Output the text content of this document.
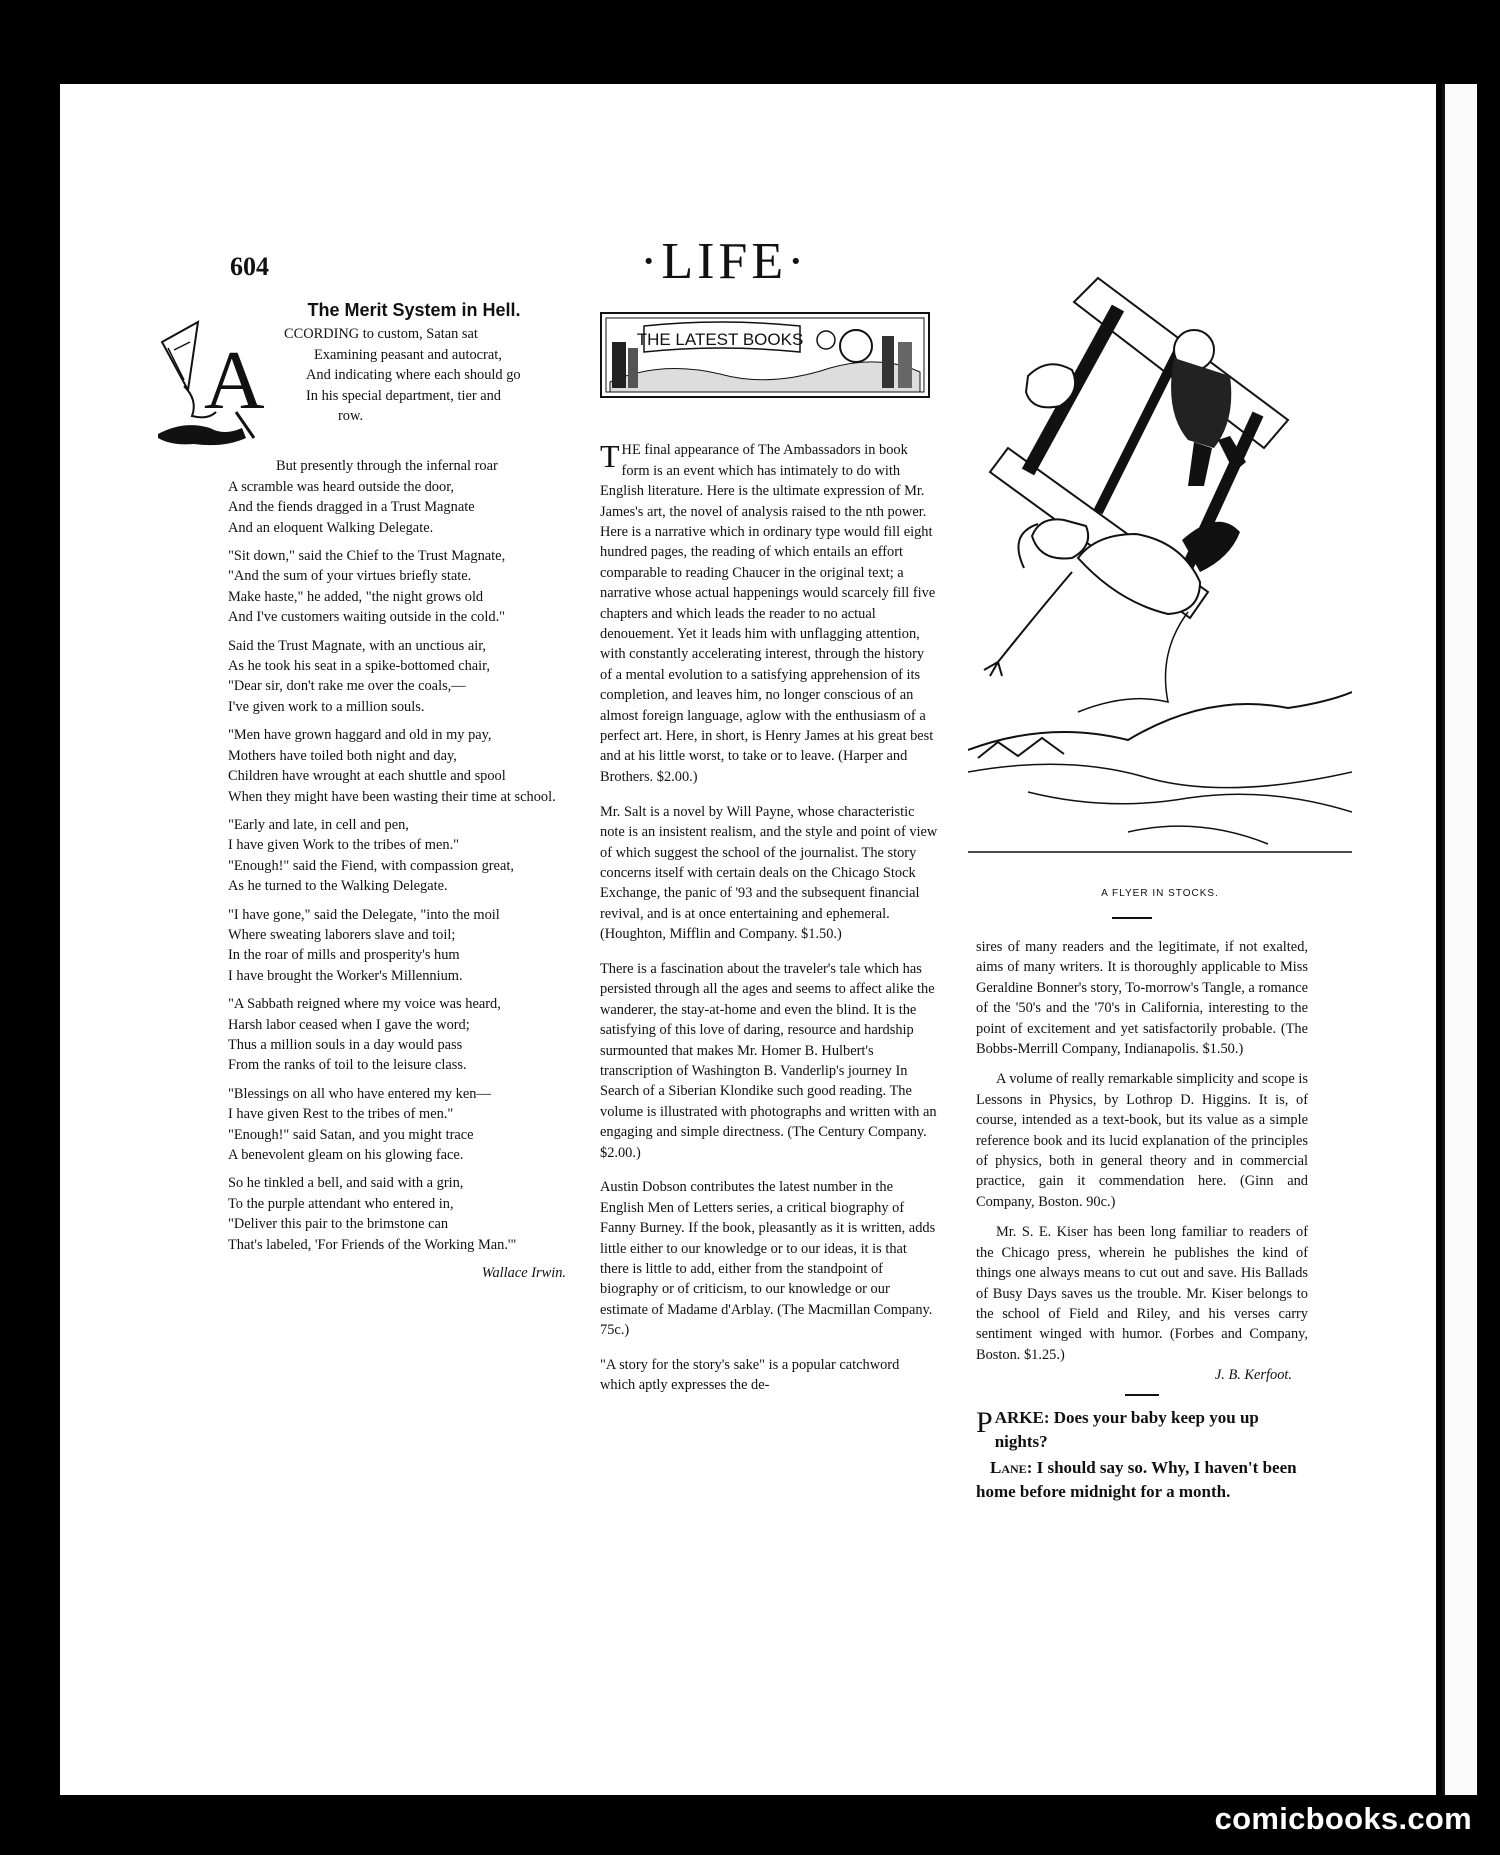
604	·LIFE·
The Merit System in Hell.
A	CCORDING to custom, Satan sat
Examining peasant and autocrat,
And indicating where each should go
In his special department, tier and
row.
But presently through the infernal roar
A scramble was heard outside the door,
And the fiends dragged in a Trust Magnate
And an eloquent Walking Delegate.
"Sit down," said the Chief to the Trust Magnate,
"And the sum of your virtues briefly state.
Make haste," he added, "the night grows old
And I've customers waiting outside in the cold."
Said the Trust Magnate, with an unctious air,
As he took his seat in a spike-bottomed chair,
"Dear sir, don't rake me over the coals,—
I've given work to a million souls.
"Men have grown haggard and old in my pay,
Mothers have toiled both night and day,
Children have wrought at each shuttle and spool
When they might have been wasting their time at school.
"Early and late, in cell and pen,
I have given Work to the tribes of men."
"Enough!" said the Fiend, with compassion great,
As he turned to the Walking Delegate.
"I have gone," said the Delegate, "into the moil
Where sweating laborers slave and toil;
In the roar of mills and prosperity's hum
I have brought the Worker's Millennium.
"A Sabbath reigned where my voice was heard,
Harsh labor ceased when I gave the word;
Thus a million souls in a day would pass
From the ranks of toil to the leisure class.
"Blessings on all who have entered my ken—
I have given Rest to the tribes of men."
"Enough!" said Satan, and you might trace
A benevolent gleam on his glowing face.
So he tinkled a bell, and said with a grin,
To the purple attendant who entered in,
"Deliver this pair to the brimstone can
That's labeled, 'For Friends of the Working Man.'"
Wallace Irwin.
THE LATEST BOOKS

THE final appearance of The Ambassadors in book form is an event which has intimately to do with English literature. Here is the ultimate expression of Mr. James's art, the novel of analysis raised to the nth power. Here is a narrative which in ordinary type would fill eight hundred pages, the reading of which entails an effort comparable to reading Chaucer in the original text; a narrative whose actual happenings would scarcely fill five chapters and which leads the reader to no actual denouement. Yet it leads him with unflagging attention, with constantly accelerating interest, through the history of a mental evolution to a satisfying apprehension of its completion, and leaves him, no longer conscious of an almost foreign language, aglow with the enthusiasm of a perfect art. Here, in short, is Henry James at his great best and at his little worst, to take or to leave. (Harper and Brothers. $2.00.)

Mr. Salt is a novel by Will Payne, whose characteristic note is an insistent realism, and the style and point of view of which suggest the school of the journalist. The story concerns itself with certain deals on the Chicago Stock Exchange, the panic of '93 and the subsequent financial revival, and is at once entertaining and ephemeral. (Houghton, Mifflin and Company. $1.50.)

There is a fascination about the traveler's tale which has persisted through all the ages and seems to affect alike the wanderer, the stay-at-home and even the blind. It is the satisfying of this love of daring, resource and hardship surmounted that makes Mr. Homer B. Hulbert's transcription of Washington B. Vanderlip's journey In Search of a Siberian Klondike such good reading. The volume is illustrated with photographs and written with an engaging and simple directness. (The Century Company. $2.00.)

Austin Dobson contributes the latest number in the English Men of Letters series, a critical biography of Fanny Burney. If the book, pleasantly as it is written, adds little either to our knowledge or to our ideas, it is that there is little to add, either from the standpoint of biography or of criticism, to our knowledge or our estimate of Madame d'Arblay. (The Macmillan Company. 75c.)

"A story for the story's sake" is a popular catchword which aptly expresses the de-

A FLYER IN STOCKS.

sires of many readers and the legitimate, if not exalted, aims of many writers. It is thoroughly applicable to Miss Geraldine Bonner's story, To-morrow's Tangle, a romance of the '50's and the '70's in California, interesting to the point of excitement and yet satisfactorily probable. (The Bobbs-Merrill Company, Indianapolis. $1.50.)

A volume of really remarkable simplicity and scope is Lessons in Physics, by Lothrop D. Higgins. It is, of course, intended as a text-book, but its value as a simple reference book and its lucid explanation of the principles of physics, both in general theory and in commercial practice, gain it commendation here. (Ginn and Company, Boston. 90c.)

Mr. S. E. Kiser has been long familiar to readers of the Chicago press, wherein he publishes the kind of things one always means to cut out and save. His Ballads of Busy Days saves us the trouble. Mr. Kiser belongs to the school of Field and Riley, and his verses carry sentiment winged with humor. (Forbes and Company, Boston. $1.25.)

J. B. Kerfoot.

PARKE: Does your baby keep you up nights?

Lane: I should say so. Why, I haven't been home before midnight for a month.

comicbooks.com
